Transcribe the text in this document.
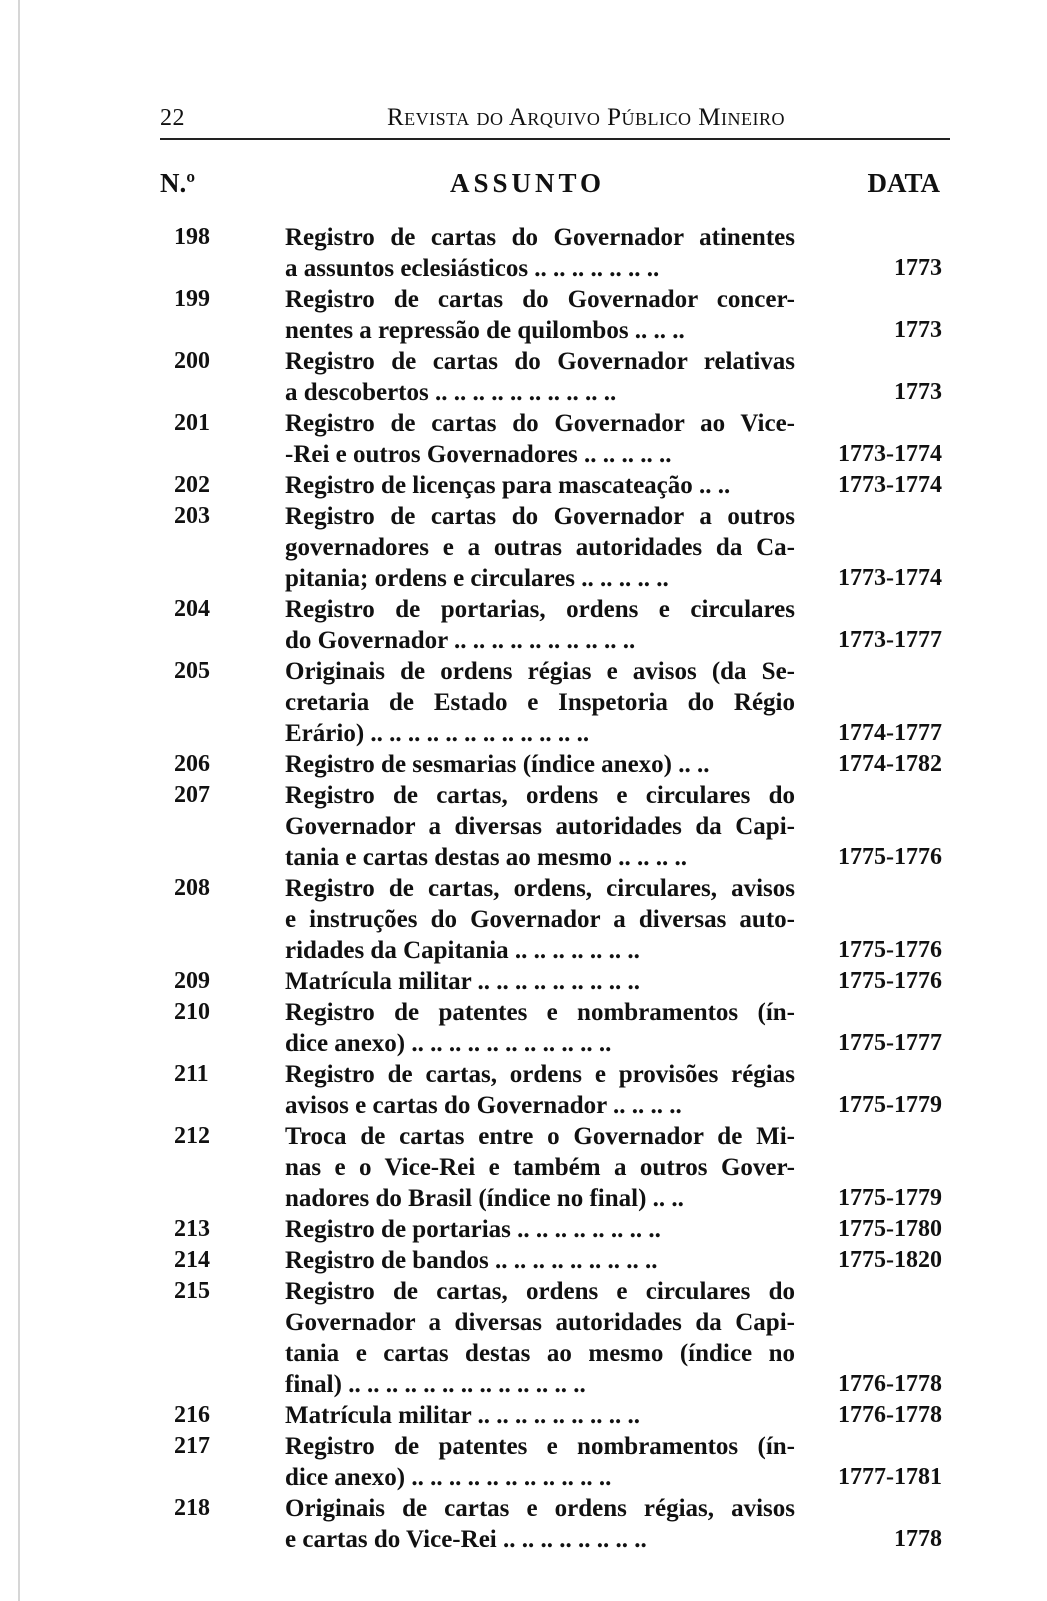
22	Revista do Arquivo Público Mineiro
N.º	ASSUNTO	DATA
198	Registro de cartas do Governador atinentes
a assuntos eclesiásticos .. .. .. .. .. .. ..	1773
199	Registro de cartas do Governador concer-
nentes a repressão de quilombos .. .. ..	1773
200	Registro de cartas do Governador relativas
a descobertos .. .. .. .. .. .. .. .. .. ..	1773
201	Registro de cartas do Governador ao Vice-
-Rei e outros Governadores .. .. .. .. ..	1773-1774
202	Registro de licenças para mascateação .. ..	1773-1774
203	Registro de cartas do Governador a outros
governadores e a outras autoridades da Ca-
pitania; ordens e circulares .. .. .. .. ..	1773-1774
204	Registro de portarias, ordens e circulares
do Governador .. .. .. .. .. .. .. .. .. ..	1773-1777
205	Originais de ordens régias e avisos (da Se-
cretaria de Estado e Inspetoria do Régio
Erário) .. .. .. .. .. .. .. .. .. .. .. ..	1774-1777
206	Registro de sesmarias (índice anexo) .. ..	1774-1782
207	Registro de cartas, ordens e circulares do
Governador a diversas autoridades da Capi-
tania e cartas destas ao mesmo .. .. .. ..	1775-1776
208	Registro de cartas, ordens, circulares, avisos
e instruções do Governador a diversas auto-
ridades da Capitania .. .. .. .. .. .. ..	1775-1776
209	Matrícula militar .. .. .. .. .. .. .. .. ..	1775-1776
210	Registro de patentes e nombramentos (ín-
dice anexo) .. .. .. .. .. .. .. .. .. .. ..	1775-1777
211	Registro de cartas, ordens e provisões régias
avisos e cartas do Governador .. .. .. ..	1775-1779
212	Troca de cartas entre o Governador de Mi-
nas e o Vice-Rei e também a outros Gover-
nadores do Brasil (índice no final) .. ..	1775-1779
213	Registro de portarias .. .. .. .. .. .. .. ..	1775-1780
214	Registro de bandos .. .. .. .. .. .. .. .. ..	1775-1820
215	Registro de cartas, ordens e circulares do
Governador a diversas autoridades da Capi-
tania e cartas destas ao mesmo (índice no
final) .. .. .. .. .. .. .. .. .. .. .. .. ..	1776-1778
216	Matrícula militar .. .. .. .. .. .. .. .. ..	1776-1778
217	Registro de patentes e nombramentos (ín-
dice anexo) .. .. .. .. .. .. .. .. .. .. ..	1777-1781
218	Originais de cartas e ordens régias, avisos
e cartas do Vice-Rei .. .. .. .. .. .. .. ..	1778
